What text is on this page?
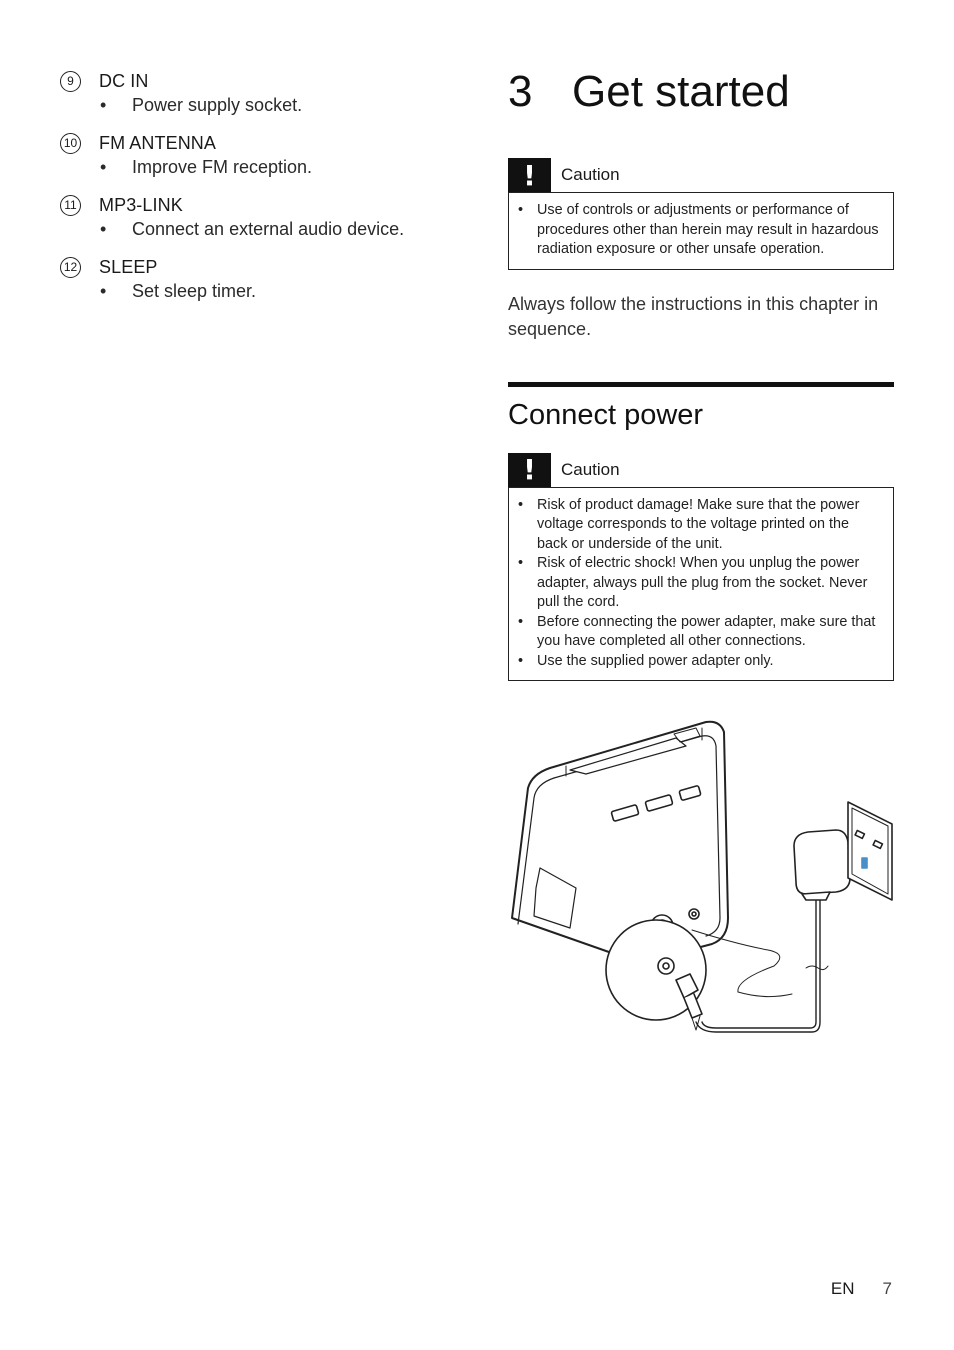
9	DC IN
•	Power supply socket.
10 FM ANTENNA
•	Improve FM reception.
11 MP3-LINK
•	Connect an external audio device.
12 SLEEP
•	Set sleep timer.
3 Get started
!	Caution
• Use of controls or adjustments or performance of procedures other than herein may result in hazardous radiation exposure or other unsafe operation.

Always follow the instructions in this chapter in sequence.

Connect power
!	Caution
• Risk of product damage! Make sure that the power voltage corresponds to the voltage printed on the back or underside of the unit.
• Risk of electric shock! When you unplug the power adapter, always pull the plug from the socket. Never pull the cord.
• Before connecting the power adapter, make sure that you have completed all other connections.
• Use the supplied power adapter only.
EN 7
